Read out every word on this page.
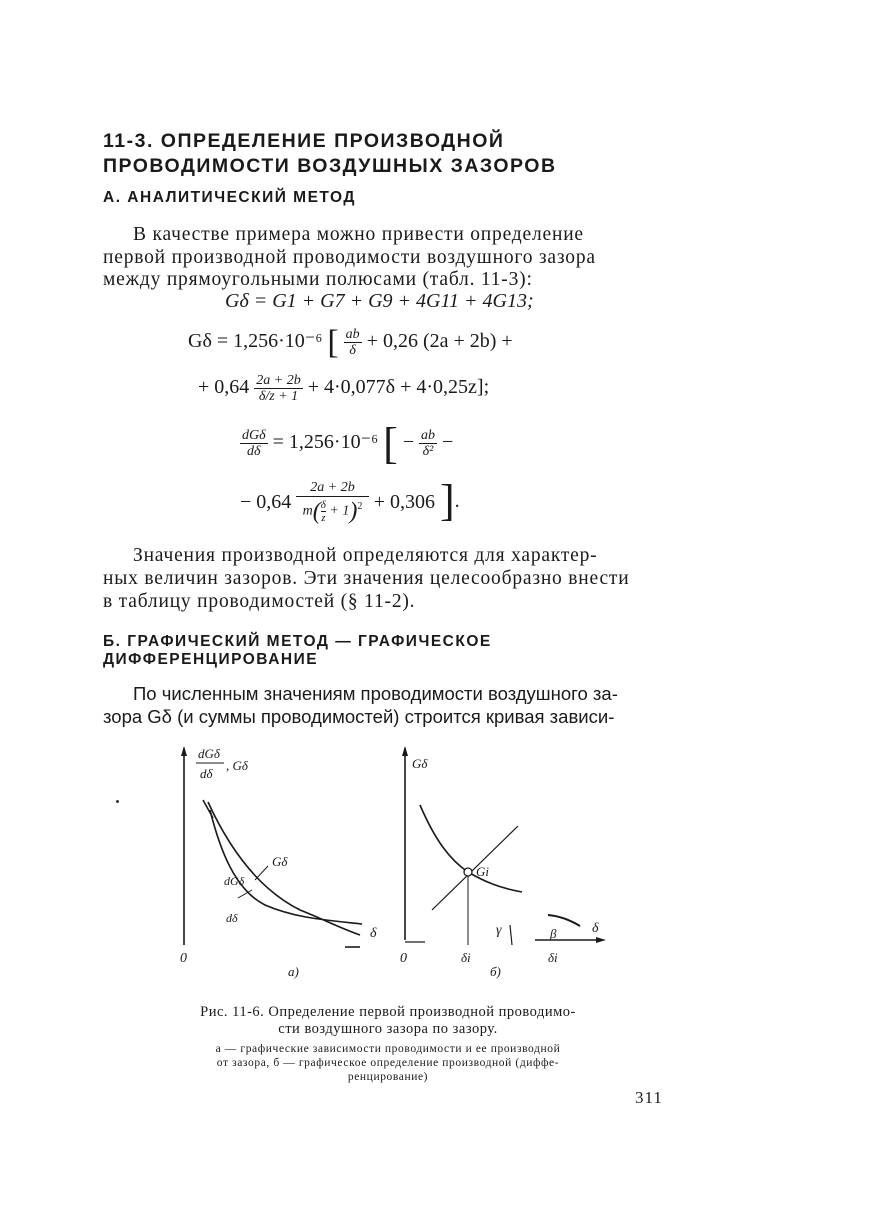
11-3. ОПРЕДЕЛЕНИЕ ПРОИЗВОДНОЙ
ПРОВОДИМОСТИ ВОЗДУШНЫХ ЗАЗОРОВ
А. АНАЛИТИЧЕСКИЙ МЕТОД
В качестве примера можно привести определение
первой производной проводимости воздушного зазора
между прямоугольными полюсами (табл. 11-3):
Gδ = G1 + G7 + G9 + 4G11 + 4G13;
Gδ = 1,256·10⁻⁶ [ $\frac{ab}{\delta} + 0,26$ (2a + 2b) +
+ $0,64 \frac{2a + 2b}{\delta/z + 1} + 4\cdot 0,077\delta + 4\cdot 0,25z$];
dGδ
dδ = 1,256·10⁻⁶ [ − $\frac{ab}{\text{δ²}}$ −
− $0,64 \frac{2a + 2b}{m( \frac{\delta}{z} + 1)^2} + 0,306$ ].
Значения производной определяются для характер-
ных величин зазоров. Эти значения целесообразно внести
в таблицу проводимостей (§ 11-2).
Б. ГРАФИЧЕСКИЙ МЕТОД — ГРАФИЧЕСКОЕ
ДИФФЕРЕНЦИРОВАНИЕ
По численным значениям проводимости воздушного за-
зора Gδ (и суммы проводимостей) строится кривая зависи-
dGδ
dδ
, Gδ
Gδ
dGδ
dδ
δ
0
а)
Gδ
Gi
γ	β	δ
δi
0	δi
б)
Рис. 11-6. Определение первой производной проводимо-
сти воздушного зазора по зазору.
а — графические зависимости проводимости и ее производной
от зазора, б — графическое определение производной (диффе-
ренцирование)
311
